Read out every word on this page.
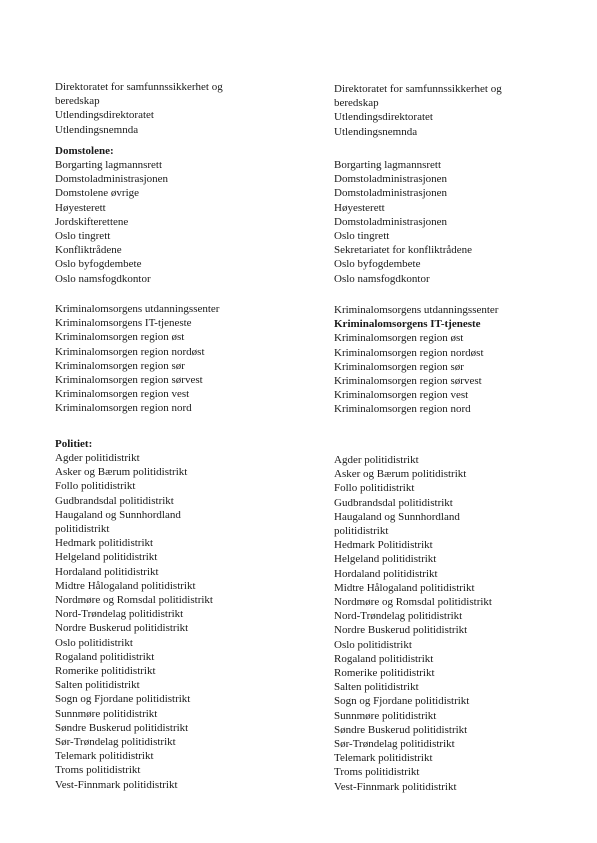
Direktoratet for samfunnssikkerhet og
beredskap
Utlendingsdirektoratet
Utlendingsnemnda
Domstolene:
Borgarting lagmannsrett
Domstoladministrasjonen
Domstolene øvrige
Høyesterett
Jordskifterettene
Oslo tingrett
Konfliktrådene
Oslo byfogdembete
Oslo namsfogdkontor
Kriminalomsorgens utdanningssenter
Kriminalomsorgens IT-tjeneste
Kriminalomsorgen region øst
Kriminalomsorgen region nordøst
Kriminalomsorgen region sør
Kriminalomsorgen region sørvest
Kriminalomsorgen region vest
Kriminalomsorgen region nord
Politiet:
Agder politidistrikt
Asker og Bærum politidistrikt
Follo politidistrikt
Gudbrandsdal politidistrikt
Haugaland og Sunnhordland
politidistrikt
Hedmark politidistrikt
Helgeland politidistrikt
Hordaland politidistrikt
Midtre Hålogaland politidistrikt
Nordmøre og Romsdal politidistrikt
Nord-Trøndelag politidistrikt
Nordre Buskerud politidistrikt
Oslo politidistrikt
Rogaland politidistrikt
Romerike politidistrikt
Salten politidistrikt
Sogn og Fjordane politidistrikt
Sunnmøre politidistrikt
Søndre Buskerud politidistrikt
Sør-Trøndelag politidistrikt
Telemark politidistrikt
Troms politidistrikt
Vest-Finnmark politidistrikt
Direktoratet for samfunnssikkerhet og
beredskap
Utlendingsdirektoratet
Utlendingsnemnda
Borgarting lagmannsrett
Domstoladministrasjonen
Domstoladministrasjonen
Høyesterett
Domstoladministrasjonen
Oslo tingrett
Sekretariatet for konfliktrådene
Oslo byfogdembete
Oslo namsfogdkontor
Kriminalomsorgens utdanningssenter
Kriminalomsorgens IT-tjeneste
Kriminalomsorgen region øst
Kriminalomsorgen region nordøst
Kriminalomsorgen region sør
Kriminalomsorgen region sørvest
Kriminalomsorgen region vest
Kriminalomsorgen region nord
Agder politidistrikt
Asker og Bærum politidistrikt
Follo politidistrikt
Gudbrandsdal politidistrikt
Haugaland og Sunnhordland
politidistrikt
Hedmark Politidistrikt
Helgeland politidistrikt
Hordaland politidistrikt
Midtre Hålogaland politidistrikt
Nordmøre og Romsdal politidistrikt
Nord-Trøndelag politidistrikt
Nordre Buskerud politidistrikt
Oslo politidistrikt
Rogaland politidistrikt
Romerike politidistrikt
Salten politidistrikt
Sogn og Fjordane politidistrikt
Sunnmøre politidistrikt
Søndre Buskerud politidistrikt
Sør-Trøndelag politidistrikt
Telemark politidistrikt
Troms politidistrikt
Vest-Finnmark politidistrikt
